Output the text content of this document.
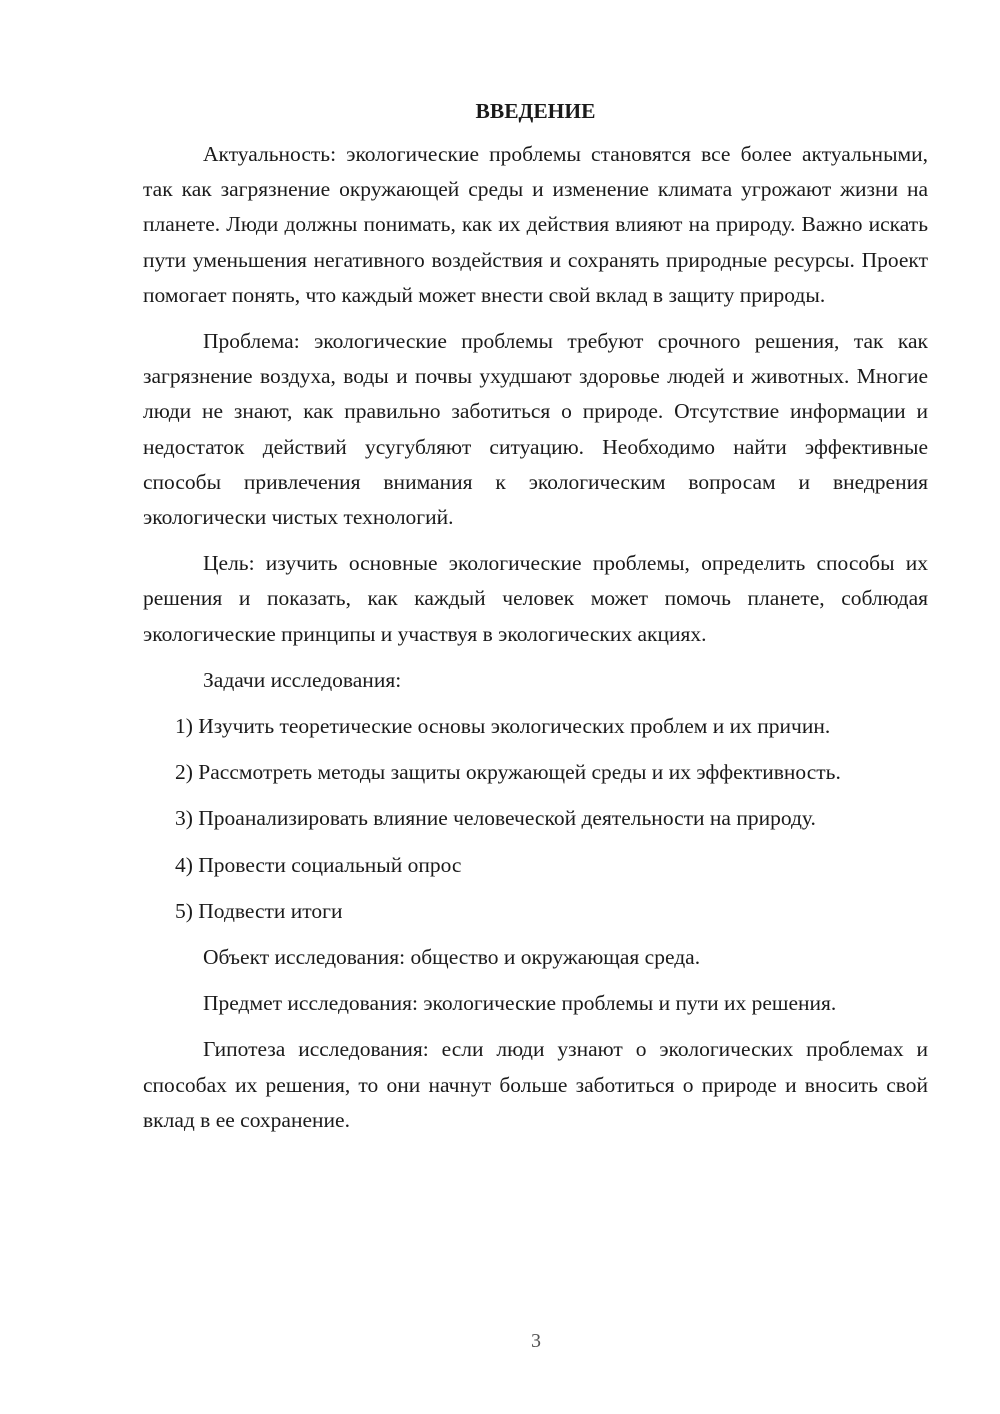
ВВЕДЕНИЕ

Актуальность: экологические проблемы становятся все более актуальными, так как загрязнение окружающей среды и изменение климата угрожают жизни на планете. Люди должны понимать, как их действия влияют на природу. Важно искать пути уменьшения негативного воздействия и сохранять природные ресурсы. Проект помогает понять, что каждый может внести свой вклад в защиту природы.

Проблема: экологические проблемы требуют срочного решения, так как загрязнение воздуха, воды и почвы ухудшают здоровье людей и животных. Многие люди не знают, как правильно заботиться о природе. Отсутствие информации и недостаток действий усугубляют ситуацию. Необходимо найти эффективные способы привлечения внимания к экологическим вопросам и внедрения экологически чистых технологий.

Цель: изучить основные экологические проблемы, определить способы их решения и показать, как каждый человек может помочь планете, соблюдая экологические принципы и участвуя в экологических акциях.

Задачи исследования:

1) Изучить теоретические основы экологических проблем и их причин.

2) Рассмотреть методы защиты окружающей среды и их эффективность.

3) Проанализировать влияние человеческой деятельности на природу.

4) Провести социальный опрос

5) Подвести итоги

Объект исследования: общество и окружающая среда.

Предмет исследования: экологические проблемы и пути их решения.

Гипотеза исследования: если люди узнают о экологических проблемах и способах их решения, то они начнут больше заботиться о природе и вносить свой вклад в ее сохранение.

3
